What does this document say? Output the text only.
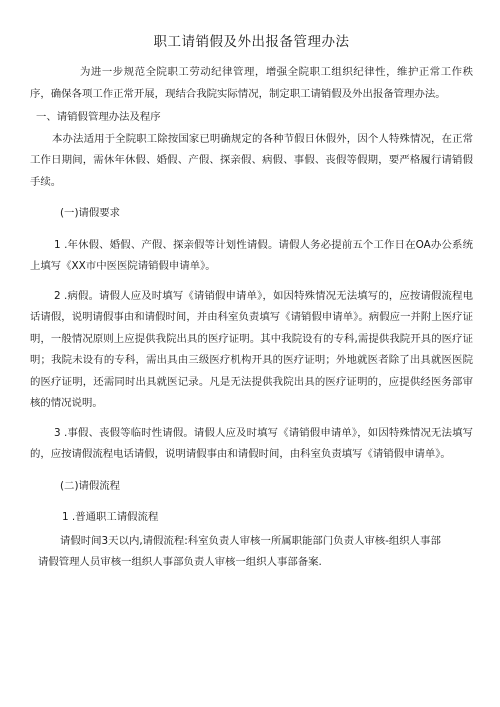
职工请销假及外出报备管理办法

为进一步规范全院职工劳动纪律管理，增强全院职工组织纪律性，维护正常工作秩序，确保各项工作正常开展，现结合我院实际情况，制定职工请销假及外出报备管理办法。

一、请销假管理办法及程序

本办法适用于全院职工除按国家已明确规定的各种节假日休假外，因个人特殊情况，在正常工作日期间，需休年休假、婚假、产假、探亲假、病假、事假、丧假等假期，要严格履行请销假手续。

(一)请假要求

1 .年休假、婚假、产假、探亲假等计划性请假。请假人务必提前五个工作日在OA办公系统上填写《XX市中医医院请销假申请单》。

2 .病假。请假人应及时填写《请销假申请单》，如因特殊情况无法填写的，应按请假流程电话请假，说明请假事由和请假时间，并由科室负责填写《请销假申请单》。病假应一并附上医疗证明，一般情况原则上应提供我院出具的医疗证明。其中我院设有的专科,需提供我院开具的医疗证明；我院未设有的专科，需出具由三级医疗机构开具的医疗证明；外地就医者除了出具就医医院的医疗证明，还需同时出具就医记录。凡是无法提供我院出具的医疗证明的，应提供经医务部审核的情况说明。

3 .事假、丧假等临时性请假。请假人应及时填写《请销假申请单》，如因特殊情况无法填写的，应按请假流程电话请假，说明请假事由和请假时间，由科室负责填写《请销假申请单》。

(二)请假流程

1 .普通职工请假流程

请假时间3天以内,请假流程:科室负责人审核一所属职能部门负责人审核-组织人事部

请假管理人员审核一组织人事部负责人审核一组织人事部备案.
